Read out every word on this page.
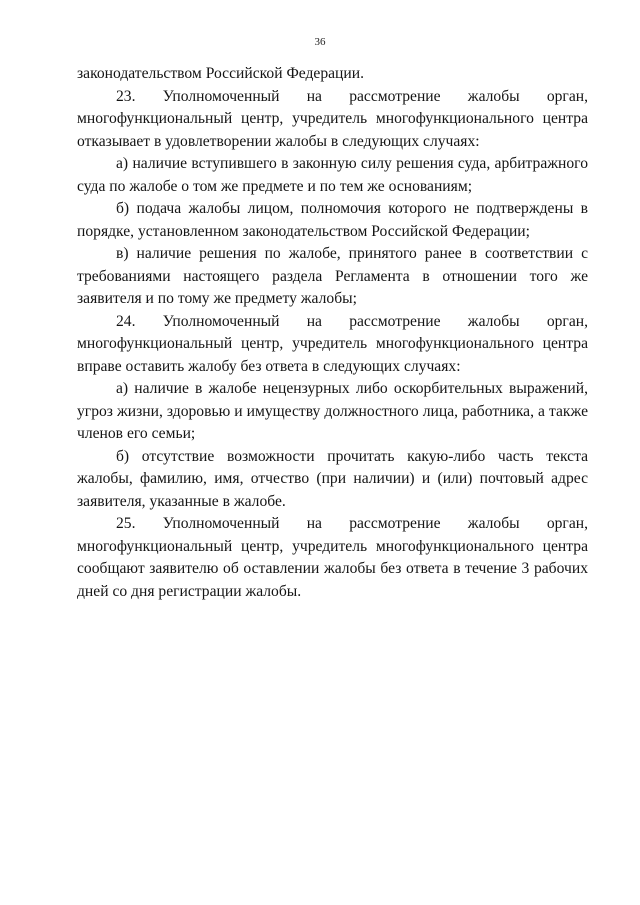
36

законодательством Российской Федерации.

23. Уполномоченный на рассмотрение жалобы орган, многофункциональный центр, учредитель многофункционального центра отказывает в удовлетворении жалобы в следующих случаях:

а) наличие вступившего в законную силу решения суда, арбитражного суда по жалобе о том же предмете и по тем же основаниям;

б) подача жалобы лицом, полномочия которого не подтверждены в порядке, установленном законодательством Российской Федерации;

в) наличие решения по жалобе, принятого ранее в соответствии с требованиями настоящего раздела Регламента в отношении того же заявителя и по тому же предмету жалобы;

24. Уполномоченный на рассмотрение жалобы орган, многофункциональный центр, учредитель многофункционального центра вправе оставить жалобу без ответа в следующих случаях:

а) наличие в жалобе нецензурных либо оскорбительных выражений, угроз жизни, здоровью и имуществу должностного лица, работника, а также членов его семьи;

б) отсутствие возможности прочитать какую-либо часть текста жалобы, фамилию, имя, отчество (при наличии) и (или) почтовый адрес заявителя, указанные в жалобе.

25. Уполномоченный на рассмотрение жалобы орган, многофункциональный центр, учредитель многофункционального центра сообщают заявителю об оставлении жалобы без ответа в течение 3 рабочих дней со дня регистрации жалобы.
